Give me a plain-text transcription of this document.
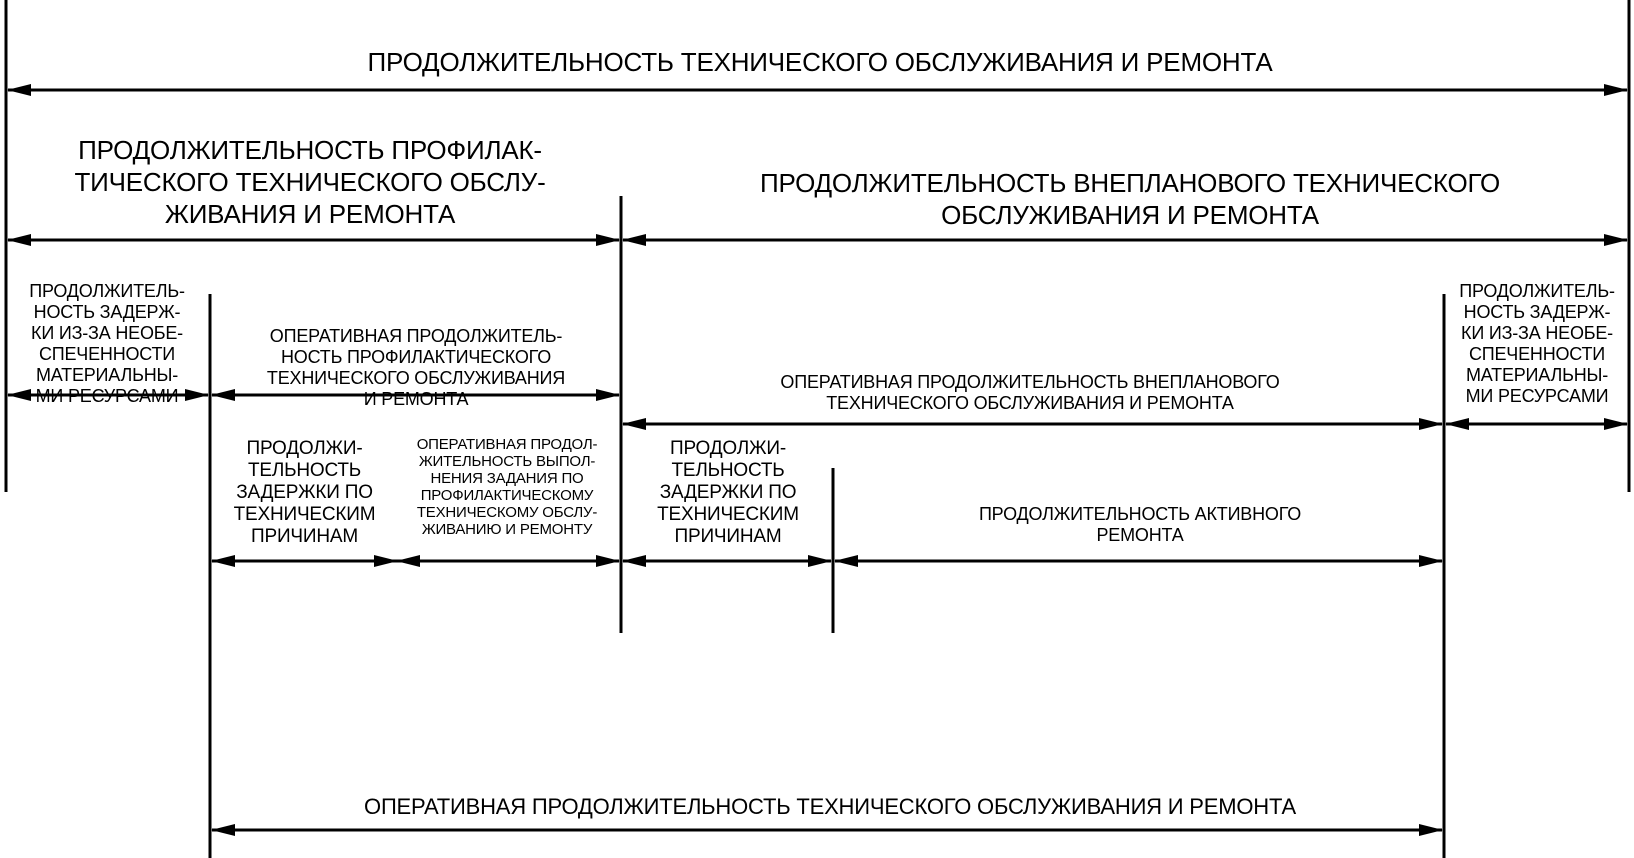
ПРОДОЛЖИТЕЛЬНОСТЬ ТЕХНИЧЕСКОГО ОБСЛУЖИВАНИЯ И РЕМОНТА
ПРОДОЛЖИТЕЛЬНОСТЬ ПРОФИЛАК-
ТИЧЕСКОГО ТЕХНИЧЕСКОГО ОБСЛУ-
ЖИВАНИЯ И РЕМОНТА
ПРОДОЛЖИТЕЛЬНОСТЬ ВНЕПЛАНОВОГО ТЕХНИЧЕСКОГО
ОБСЛУЖИВАНИЯ И РЕМОНТА
ПРОДОЛЖИТЕЛЬ-
НОСТЬ ЗАДЕРЖ-
КИ ИЗ-ЗА НЕОБЕ-
СПЕЧЕННОСТИ
МАТЕРИАЛЬНЫ-
МИ РЕСУРСАМИ
ОПЕРАТИВНАЯ ПРОДОЛЖИТЕЛЬ-
НОСТЬ ПРОФИЛАКТИЧЕСКОГО
ТЕХНИЧЕСКОГО ОБСЛУЖИВАНИЯ
И РЕМОНТА
ОПЕРАТИВНАЯ ПРОДОЛЖИТЕЛЬНОСТЬ ВНЕПЛАНОВОГО
ТЕХНИЧЕСКОГО ОБСЛУЖИВАНИЯ И РЕМОНТА
ПРОДОЛЖИТЕЛЬ-
НОСТЬ ЗАДЕРЖ-
КИ ИЗ-ЗА НЕОБЕ-
СПЕЧЕННОСТИ
МАТЕРИАЛЬНЫ-
МИ РЕСУРСАМИ
ПРОДОЛЖИ-
ТЕЛЬНОСТЬ
ЗАДЕРЖКИ ПО
ТЕХНИЧЕСКИМ
ПРИЧИНАМ
ОПЕРАТИВНАЯ ПРОДОЛ-
ЖИТЕЛЬНОСТЬ ВЫПОЛ-
НЕНИЯ ЗАДАНИЯ ПО
ПРОФИЛАКТИЧЕСКОМУ
ТЕХНИЧЕСКОМУ ОБСЛУ-
ЖИВАНИЮ И РЕМОНТУ
ПРОДОЛЖИ-
ТЕЛЬНОСТЬ
ЗАДЕРЖКИ ПО
ТЕХНИЧЕСКИМ
ПРИЧИНАМ
ПРОДОЛЖИТЕЛЬНОСТЬ АКТИВНОГО
РЕМОНТА
ОПЕРАТИВНАЯ ПРОДОЛЖИТЕЛЬНОСТЬ ТЕХНИЧЕСКОГО ОБСЛУЖИВАНИЯ И РЕМОНТА
